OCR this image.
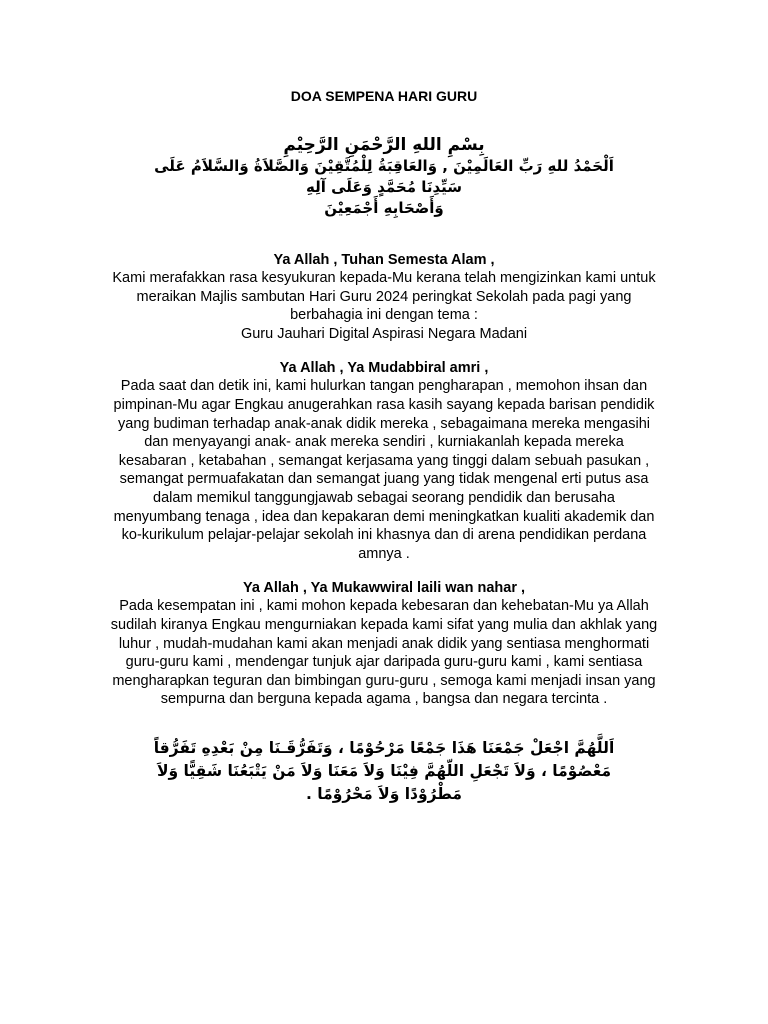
DOA SEMPENA HARI GURU

بِسْمِ اللهِ الرَّحْمَنِ الرَّحِيْمِ

اَلْحَمْدُ للهِ رَبِّ العَالَمِيْنَ , وَالعَاقِبَةُ لِلْمُتَّقِيْنَ وَالصَّلاَةُ وَالسَّلاَمُ عَلَى
سَيِّدِنَا مُحَمَّدٍ وَعَلَى آلِهِ
وَأَصْحَابِهِ أَجْمَعِيْنَ

Ya Allah , Tuhan Semesta Alam ,

Kami merafakkan rasa kesyukuran kepada-Mu kerana telah mengizinkan kami untuk
meraikan Majlis sambutan Hari Guru 2024 peringkat Sekolah pada pagi yang
berbahagia ini dengan tema :
Guru Jauhari Digital Aspirasi Negara Madani

Ya Allah , Ya Mudabbiral amri ,

Pada saat dan detik ini, kami hulurkan tangan pengharapan , memohon ihsan dan
pimpinan-Mu agar Engkau anugerahkan rasa kasih sayang kepada barisan pendidik
yang budiman terhadap anak-anak didik mereka , sebagaimana mereka mengasihi
dan menyayangi anak- anak mereka sendiri , kurniakanlah kepada mereka
kesabaran , ketabahan , semangat kerjasama yang tinggi dalam sebuah pasukan ,
semangat permuafakatan dan semangat juang yang tidak mengenal erti putus asa
dalam memikul tanggungjawab sebagai seorang pendidik dan berusaha
menyumbang tenaga , idea dan kepakaran demi meningkatkan kualiti akademik dan
ko-kurikulum pelajar-pelajar sekolah ini khasnya dan di arena pendidikan perdana
amnya .

Ya Allah , Ya Mukawwiral laili wan nahar ,

Pada kesempatan ini , kami mohon kepada kebesaran dan kehebatan-Mu ya Allah
sudilah kiranya Engkau mengurniakan kepada kami sifat yang mulia dan akhlak yang
luhur , mudah-mudahan kami akan menjadi anak didik yang sentiasa menghormati
guru-guru kami , mendengar tunjuk ajar daripada guru-guru kami , kami sentiasa
mengharapkan teguran dan bimbingan guru-guru , semoga kami menjadi insan yang
sempurna dan berguna kepada agama , bangsa dan negara tercinta .
اَللَّهُمَّ اجْعَلْ جَمْعَنَا هَذَا جَمْعًا مَرْحُوْمًا ، وَتَفَرُّقَـنَا مِنْ بَعْدِهِ تَفَرُّقاً
مَعْصُوْمًا ، وَلاَ تَجْعَلِ اللّهُمَّ فِيْنَا وَلاَ مَعَنَا وَلاَ مَنْ يَتْبَعُنَا شَقِيًّا وَلاَ
مَطْرُوْدًا وَلاَ مَحْرُوْمًا .
